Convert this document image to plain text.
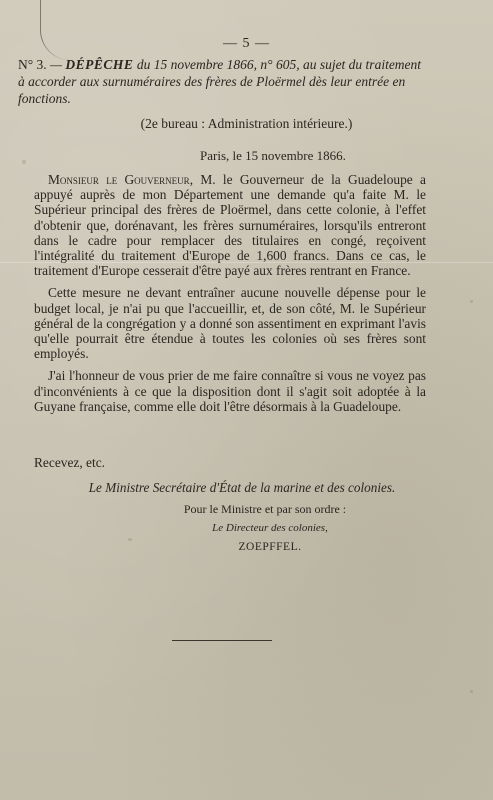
— 5 —
N° 3. — DÉPÊCHE du 15 novembre 1866, n° 605, au sujet du traitement à accorder aux surnuméraires des frères de Ploërmel dès leur entrée en fonctions.
(2e bureau : Administration intérieure.)
Paris, le 15 novembre 1866.

Monsieur le Gouverneur, M. le Gouverneur de la Guadeloupe a appuyé auprès de mon Département une demande qu'a faite M. le Supérieur principal des frères de Ploërmel, dans cette colonie, à l'effet d'obtenir que, dorénavant, les frères surnuméraires, lorsqu'ils entreront dans le cadre pour remplacer des titulaires en congé, reçoivent l'intégralité du traitement d'Europe de 1,600 francs. Dans ce cas, le traitement d'Europe cesserait d'être payé aux frères rentrant en France.

Cette mesure ne devant entraîner aucune nouvelle dépense pour le budget local, je n'ai pu que l'accueillir, et, de son côté, M. le Supérieur général de la congrégation y a donné son assentiment en exprimant l'avis qu'elle pourrait être étendue à toutes les colonies où ses frères sont employés.

J'ai l'honneur de vous prier de me faire connaître si vous ne voyez pas d'inconvénients à ce que la disposition dont il s'agit soit adoptée à la Guyane française, comme elle doit l'être désormais à la Guadeloupe.

Recevez, etc.
Le Ministre Secrétaire d'État de la marine et des colonies.
Pour le Ministre et par son ordre :
Le Directeur des colonies,
ZOEPFFEL.
